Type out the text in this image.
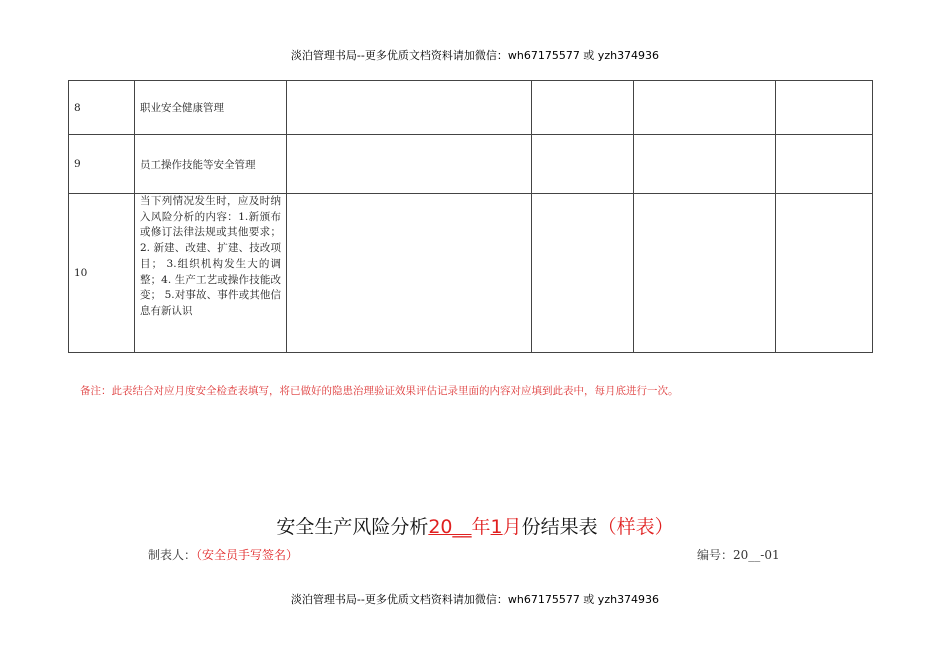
淡泊管理书局--更多优质文档资料请加微信：wh67175577 或 yzh374936
8	职业安全健康管理				
9	员工操作技能等安全管理				
10	当下列情况发生时，应及时纳入风险分析的内容：1.新颁布或修订法律法规或其他要求；2. 新建、改建、扩建、技改项目； 3.组织机构发生大的调整；4. 生产工艺或操作技能改变； 5.对事故、事件或其他信息有新认识				
备注：此表结合对应月度安全检查表填写，将已做好的隐患治理验证效果评估记录里面的内容对应填到此表中，每月底进行一次。
安全生产风险分析20__年1月份结果表（样表）
制表人：（安全员手写签名）	编号：20__-01
淡泊管理书局--更多优质文档资料请加微信：wh67175577 或 yzh374936
